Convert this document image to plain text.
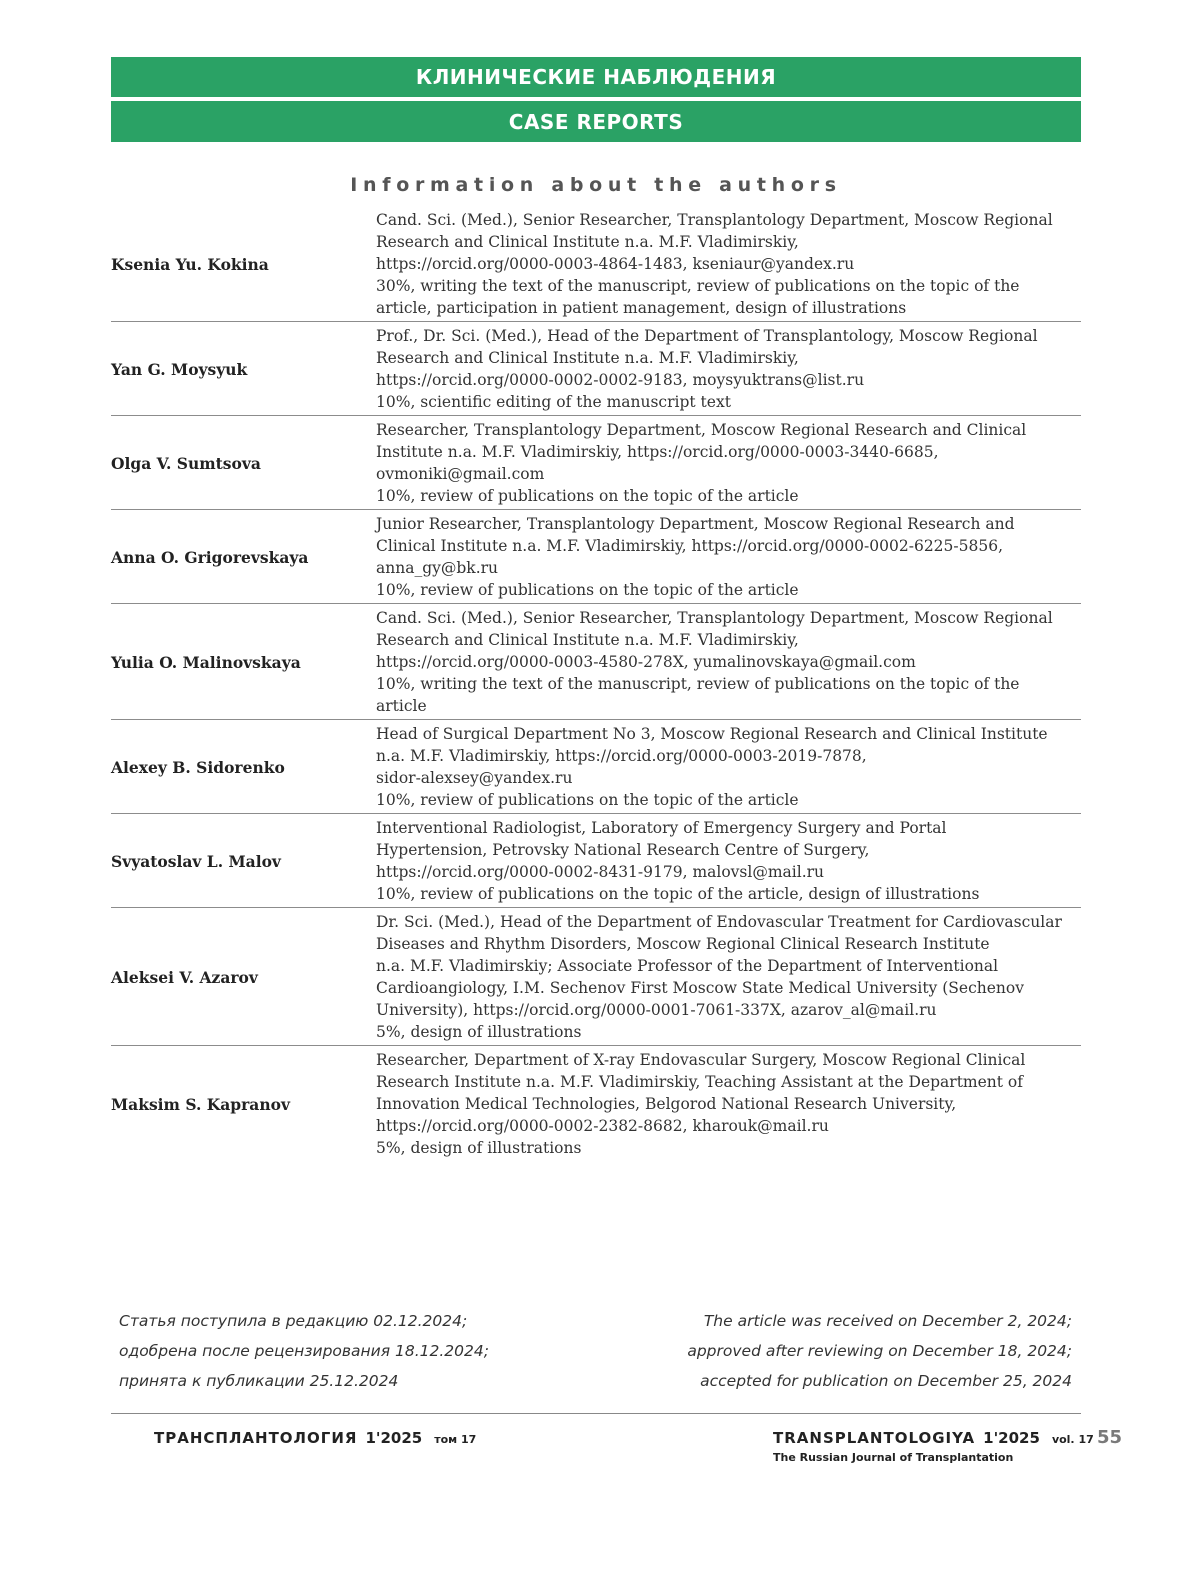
КЛИНИЧЕСКИЕ НАБЛЮДЕНИЯ
CASE REPORTS
Information about the authors
Ksenia Yu. Kokina
Cand. Sci. (Med.), Senior Researcher, Transplantology Department, Moscow Regional
Research and Clinical Institute n.a. M.F. Vladimirskiy,
https://orcid.org/0000-0003-4864-1483, kseniaur@yandex.ru
30%, writing the text of the manuscript, review of publications on the topic of the
article, participation in patient management, design of illustrations
Yan G. Moysyuk
Prof., Dr. Sci. (Med.), Head of the Department of Transplantology, Moscow Regional
Research and Clinical Institute n.a. M.F. Vladimirskiy,
https://orcid.org/0000-0002-0002-9183, moysyuktrans@list.ru
10%, scientific editing of the manuscript text
Olga V. Sumtsova
Researcher, Transplantology Department, Moscow Regional Research and Clinical
Institute n.a. M.F. Vladimirskiy, https://orcid.org/0000-0003-3440-6685,
ovmoniki@gmail.com
10%, review of publications on the topic of the article
Anna O. Grigorevskaya
Junior Researcher, Transplantology Department, Moscow Regional Research and
Clinical Institute n.a. M.F. Vladimirskiy, https://orcid.org/0000-0002-6225-5856,
anna_gy@bk.ru
10%, review of publications on the topic of the article
Yulia O. Malinovskaya
Cand. Sci. (Med.), Senior Researcher, Transplantology Department, Moscow Regional
Research and Clinical Institute n.a. M.F. Vladimirskiy,
https://orcid.org/0000-0003-4580-278X, yumalinovskaya@gmail.com
10%, writing the text of the manuscript, review of publications on the topic of the
article
Alexey B. Sidorenko
Head of Surgical Department No 3, Moscow Regional Research and Clinical Institute
n.a. M.F. Vladimirskiy, https://orcid.org/0000-0003-2019-7878,
sidor-alexsey@yandex.ru
10%, review of publications on the topic of the article
Svyatoslav L. Malov
Interventional Radiologist, Laboratory of Emergency Surgery and Portal
Hypertension, Petrovsky National Research Centre of Surgery,
https://orcid.org/0000-0002-8431-9179, malovsl@mail.ru
10%, review of publications on the topic of the article, design of illustrations
Aleksei V. Azarov
Dr. Sci. (Med.), Head of the Department of Endovascular Treatment for Cardiovascular
Diseases and Rhythm Disorders, Moscow Regional Clinical Research Institute
n.a. M.F. Vladimirskiy; Associate Professor of the Department of Interventional
Cardioangiology, I.M. Sechenov First Moscow State Medical University (Sechenov
University), https://orcid.org/0000-0001-7061-337X, azarov_al@mail.ru
5%, design of illustrations
Maksim S. Kapranov
Researcher, Department of X-ray Endovascular Surgery, Moscow Regional Clinical
Research Institute n.a. M.F. Vladimirskiy, Teaching Assistant at the Department of
Innovation Medical Technologies, Belgorod National Research University,
https://orcid.org/0000-0002-2382-8682, kharouk@mail.ru
5%, design of illustrations
Статья поступила в редакцию 02.12.2024;
одобрена после рецензирования 18.12.2024;
принята к публикации 25.12.2024
The article was received on December 2, 2024;
approved after reviewing on December 18, 2024;
accepted for publication on December 25, 2024
ТРАНСПЛАНТОЛОГИЯ 1'2025 том 17	TRANSPLANTOLOGIYA 1'2025 vol. 17
The Russian Journal of Transplantation
55
